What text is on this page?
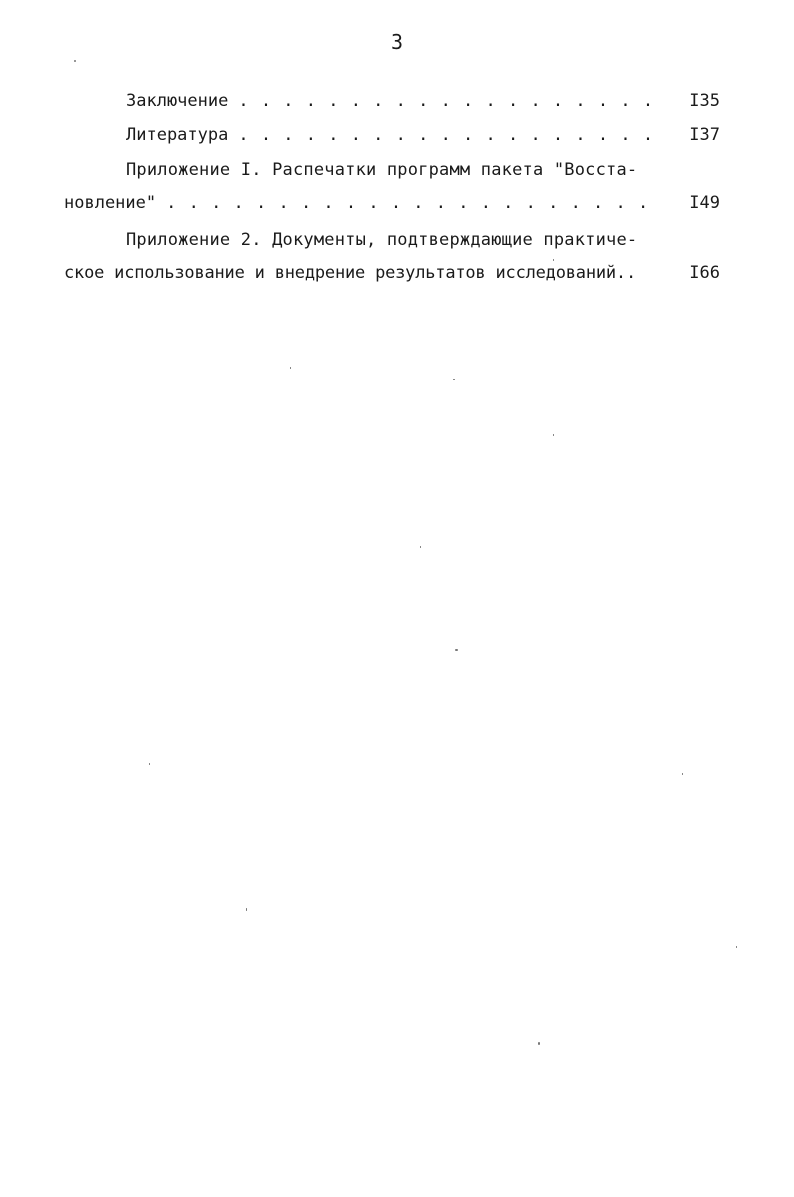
3
Заключение . . .	I35
Литература . . .	I37
Приложение I. Распечатки программ пакета "Восста-
новление" . . .	I49
Приложение 2. Документы, подтверждающие практиче-
ское использование и внедрение результатов исследований..	I66
